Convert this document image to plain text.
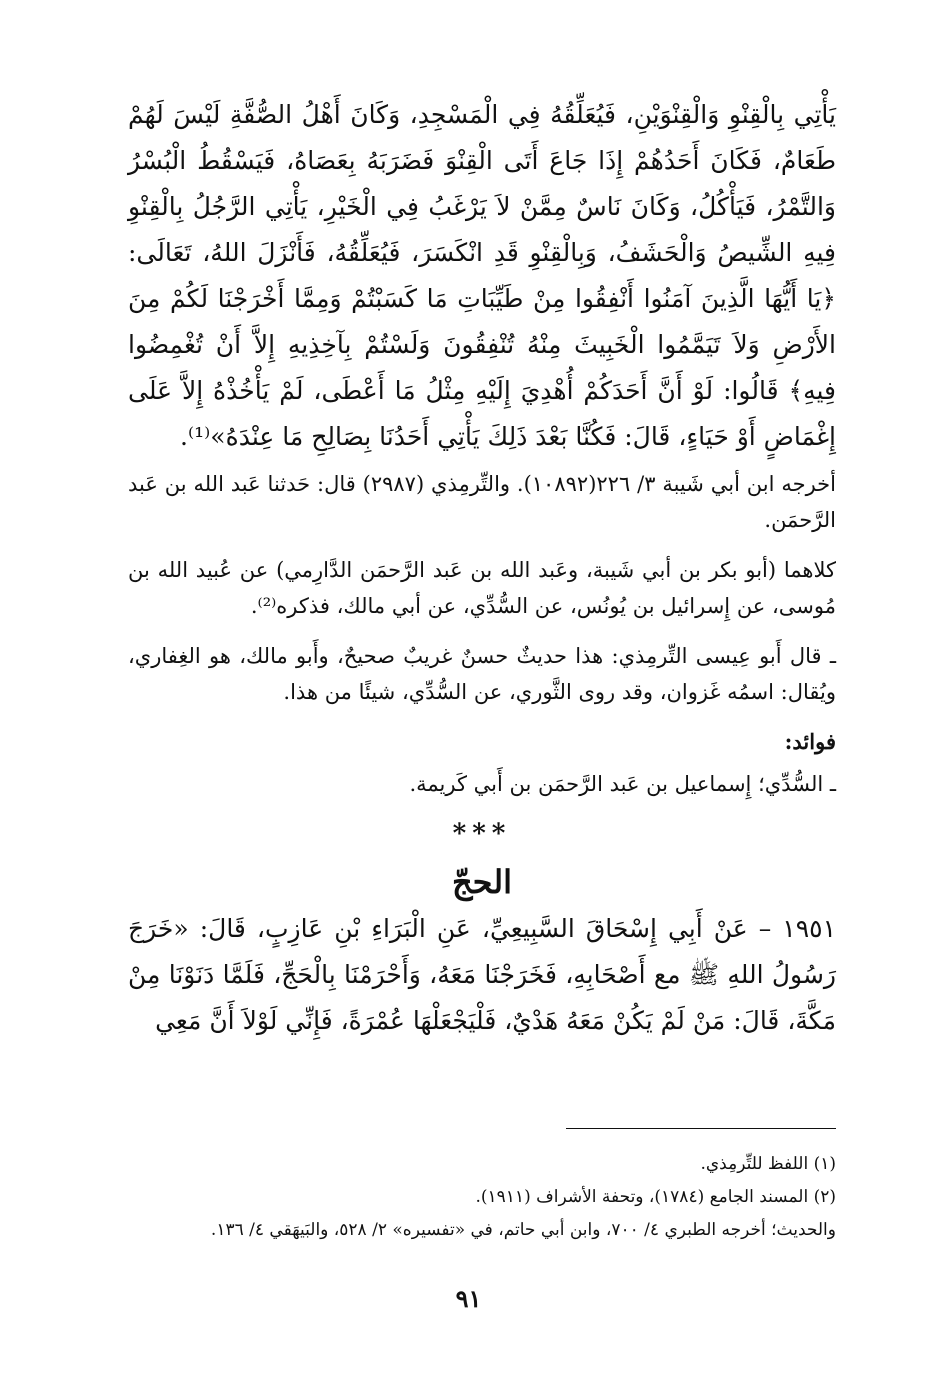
يَأْتِي بِالْقِنْوِ وَالْقِنْوَيْنِ، فَيُعَلِّقُهُ فِي الْمَسْجِدِ، وَكَانَ أَهْلُ الصُّفَّةِ لَيْسَ لَهُمْ طَعَامٌ، فَكَانَ أَحَدُهُمْ إِذَا جَاعَ أَتَى الْقِنْوَ فَضَرَبَهُ بِعَصَاهُ، فَيَسْقُطُ الْبُسْرُ وَالتَّمْرُ، فَيَأْكُلُ، وَكَانَ نَاسٌ مِمَّنْ لاَ يَرْغَبُ فِي الْخَيْرِ، يَأْتِي الرَّجُلُ بِالْقِنْوِ فِيهِ الشِّيصُ وَالْحَشَفُ، وَبِالْقِنْوِ قَدِ انْكَسَرَ، فَيُعَلِّقُهُ، فَأَنْزَلَ اللهُ، تَعَالَى: ﴿يَا أَيُّهَا الَّذِينَ آمَنُوا أَنْفِقُوا مِنْ طَيِّبَاتِ مَا كَسَبْتُمْ وَمِمَّا أَخْرَجْنَا لَكُمْ مِنَ الأَرْضِ وَلاَ تَيَمَّمُوا الْخَبِيثَ مِنْهُ تُنْفِقُونَ وَلَسْتُمْ بِآخِذِيهِ إِلاَّ أَنْ تُغْمِضُوا فِيهِ﴾ قَالُوا: لَوْ أَنَّ أَحَدَكُمْ أُهْدِيَ إِلَيْهِ مِثْلُ مَا أَعْطَى، لَمْ يَأْخُذْهُ إِلاَّ عَلَى إِغْمَاضٍ أَوْ حَيَاءٍ، قَالَ: فَكُنَّا بَعْدَ ذَلِكَ يَأْتِي أَحَدُنَا بِصَالِحِ مَا عِنْدَهُ»⁽¹⁾.

أخرجه ابن أبي شَيبة ٣/ ٢٢٦(١٠٨٩٢). والتِّرمِذي (٢٩٨٧) قال: حَدثنا عَبد الله بن عَبد الرَّحمَن.

كلاهما (أبو بكر بن أبي شَيبة، وعَبد الله بن عَبد الرَّحمَن الدَّارِمي) عن عُبيد الله بن مُوسى، عن إِسرائيل بن يُونُس، عن السُّدِّي، عن أبي مالك، فذكره⁽²⁾.

ـ قال أَبو عِيسى التِّرمِذي: هذا حديثٌ حسنٌ غريبٌ صحيحٌ، وأَبو مالك، هو الغِفاري، ويُقال: اسمُه غَزوان، وقد روى الثَّوري، عن السُّدِّي، شيئًا من هذا.

فوائد:

ـ السُّدِّي؛ إِسماعيل بن عَبد الرَّحمَن بن أَبي كَريمة.

***
الحجّ

١٩٥١ – عَنْ أَبِي إِسْحَاقَ السَّبِيعِيِّ، عَنِ الْبَرَاءِ بْنِ عَازِبٍ، قَالَ: «خَرَجَ رَسُولُ اللهِ ﷺ مع أَصْحَابِهِ، فَخَرَجْنَا مَعَهُ، وَأَحْرَمْنَا بِالْحَجِّ، فَلَمَّا دَنَوْنَا مِنْ مَكَّةَ، قَالَ: مَنْ لَمْ يَكُنْ مَعَهُ هَدْيٌ، فَلْيَجْعَلْهَا عُمْرَةً، فَإِنِّي لَوْلاَ أَنَّ مَعِي

(١) اللفظ للتِّرمِذي.

(٢) المسند الجامع (١٧٨٤)، وتحفة الأشراف (١٩١١).

والحديث؛ أخرجه الطبري ٤/ ٧٠٠، وابن أبي حاتم، في «تفسيره» ٢/ ٥٢٨، والبَيهَقي ٤/ ١٣٦.

٩١
